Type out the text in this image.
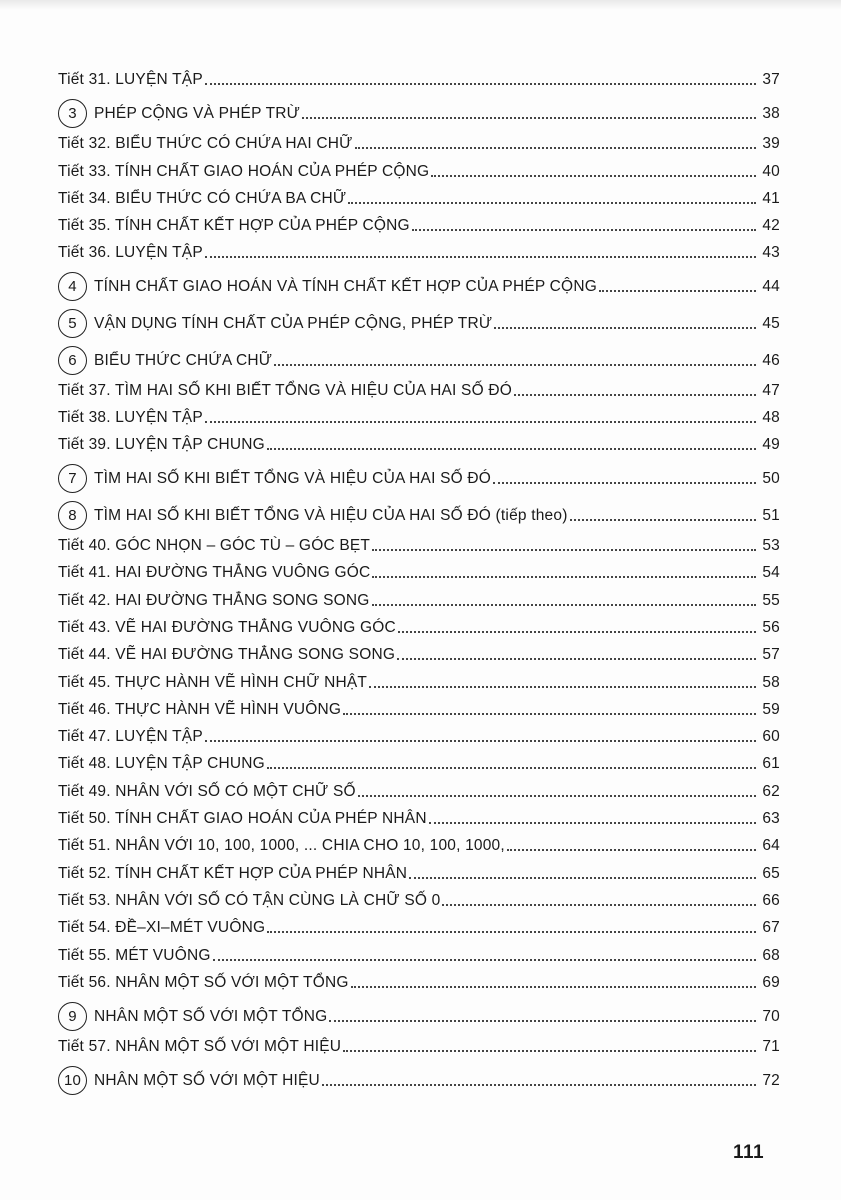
Tiết 31. LUYỆN TẬP	37
3	PHÉP CỘNG VÀ PHÉP TRỪ	38
Tiết 32. BIỂU THỨC CÓ CHỨA HAI CHỮ	39
Tiết 33. TÍNH CHẤT GIAO HOÁN CỦA PHÉP CỘNG	40
Tiết 34. BIỂU THỨC CÓ CHỨA BA CHỮ	41
Tiết 35. TÍNH CHẤT KẾT HỢP CỦA PHÉP CỘNG	42
Tiết 36. LUYỆN TẬP	43
4	TÍNH CHẤT GIAO HOÁN VÀ TÍNH CHẤT KẾT HỢP CỦA PHÉP CỘNG	44
5	VẬN DỤNG TÍNH CHẤT CỦA PHÉP CỘNG, PHÉP TRỪ	45
6	BIỂU THỨC CHỨA CHỮ	46
Tiết 37. TÌM HAI SỐ KHI BIẾT TỔNG VÀ HIỆU CỦA HAI SỐ ĐÓ	47
Tiết 38. LUYỆN TẬP	48
Tiết 39. LUYỆN TẬP CHUNG	49
7	TÌM HAI SỐ KHI BIẾT TỔNG VÀ HIỆU CỦA HAI SỐ ĐÓ	50
8	TÌM HAI SỐ KHI BIẾT TỔNG VÀ HIỆU CỦA HAI SỐ ĐÓ (tiếp theo)	51
Tiết 40. GÓC NHỌN – GÓC TÙ – GÓC BẸT	53
Tiết 41. HAI ĐƯỜNG THẲNG VUÔNG GÓC	54
Tiết 42. HAI ĐƯỜNG THẲNG SONG SONG	55
Tiết 43. VẼ HAI ĐƯỜNG THẲNG VUÔNG GÓC	56
Tiết 44. VẼ HAI ĐƯỜNG THẲNG SONG SONG	57
Tiết 45. THỰC HÀNH VẼ HÌNH CHỮ NHẬT	58
Tiết 46. THỰC HÀNH VẼ HÌNH VUÔNG	59
Tiết 47. LUYỆN TẬP	60
Tiết 48. LUYỆN TẬP CHUNG	61
Tiết 49. NHÂN VỚI SỐ CÓ MỘT CHỮ SỐ	62
Tiết 50. TÍNH CHẤT GIAO HOÁN CỦA PHÉP NHÂN	63
Tiết 51. NHÂN VỚI 10, 100, 1000, ... CHIA CHO 10, 100, 1000,	64
Tiết 52. TÍNH CHẤT KẾT HỢP CỦA PHÉP NHÂN	65
Tiết 53. NHÂN VỚI SỐ CÓ TẬN CÙNG LÀ CHỮ SỐ 0	66
Tiết 54. ĐỀ–XI–MÉT VUÔNG	67
Tiết 55. MÉT VUÔNG	68
Tiết 56. NHÂN MỘT SỐ VỚI MỘT TỔNG	69
9	NHÂN MỘT SỐ VỚI MỘT TỔNG	70
Tiết 57. NHÂN MỘT SỐ VỚI MỘT HIỆU	71
10 NHÂN MỘT SỐ VỚI MỘT HIỆU	72
111
